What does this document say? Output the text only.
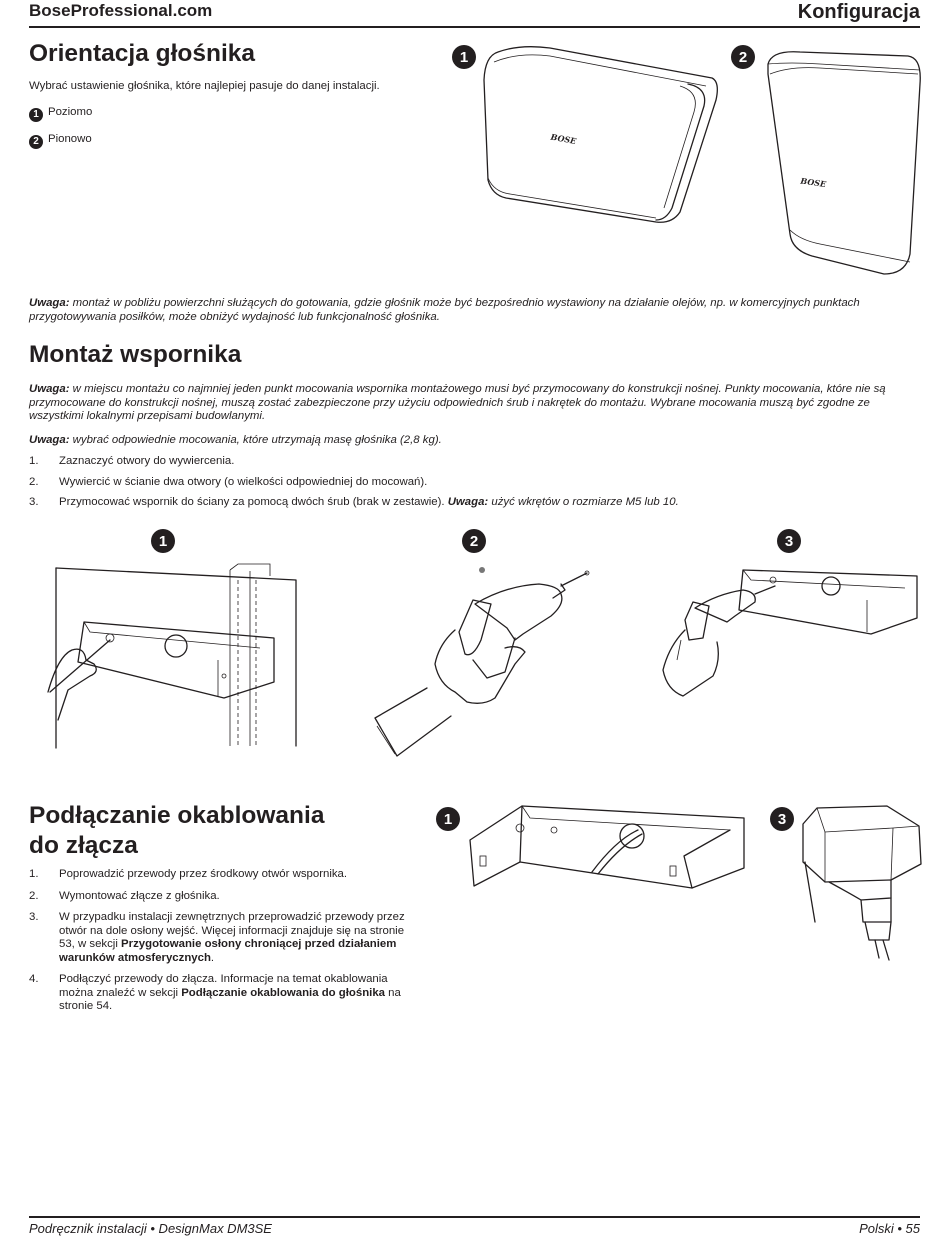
BoseProfessional.com	Konfiguracja
Orientacja głośnika

Wybrać ustawienie głośnika, które najlepiej pasuje do danej instalacji.

1 Poziomo

2 Pionowo

1	2
BOSE
BOSE

Uwaga: montaż w pobliżu powierzchni służących do gotowania, gdzie głośnik może być bezpośrednio wystawiony na działanie olejów, np. w komercyjnych punktach przygotowywania posiłków, może obniżyć wydajność lub funkcjonalność głośnika.

Montaż wspornika

Uwaga: w miejscu montażu co najmniej jeden punkt mocowania wspornika montażowego musi być przymocowany do konstrukcji nośnej. Punkty mocowania, które nie są przymocowane do konstrukcji nośnej, muszą zostać zabezpieczone przy użyciu odpowiednich śrub i nakrętek do montażu. Wybrane mocowania muszą być zgodne ze wszystkimi lokalnymi przepisami budowlanymi.

Uwaga: wybrać odpowiednie mocowania, które utrzymają masę głośnika (2,8 kg).

1.	Zaznaczyć otwory do wywiercenia.
2.	Wywiercić w ścianie dwa otwory (o wielkości odpowiedniej do mocowań).
3.	Przymocować wspornik do ściany za pomocą dwóch śrub (brak w zestawie). Uwaga: użyć wkrętów o rozmiarze M5 lub 10.
1	2	3
Podłączanie okablowania
do złącza
1.	Poprowadzić przewody przez środkowy otwór wspornika.
2.	Wymontować złącze z głośnika.
3.	W przypadku instalacji zewnętrznych przeprowadzić przewody przez otwór na dole osłony wejść. Więcej informacji znajduje się na stronie 53, w sekcji Przygotowanie osłony chroniącej przed działaniem warunków atmosferycznych.
4.	Podłączyć przewody do złącza. Informacje na temat okablowania można znaleźć w sekcji Podłączanie okablowania do głośnika na stronie 54.
1	3
Podręcznik instalacji • DesignMax DM3SE	Polski • 55
